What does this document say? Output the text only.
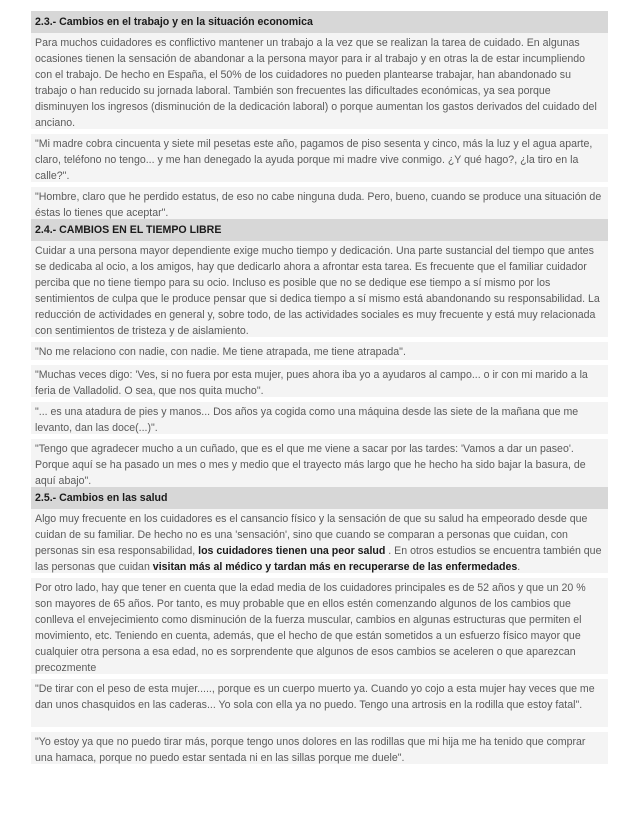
2.3.- Cambios en el trabajo y en la situación economica

Para muchos cuidadores es conflictivo mantener un trabajo a la vez que se realizan la tarea de cuidado. En algunas ocasiones tienen la sensación de abandonar a la persona mayor para ir al trabajo y en otras la de estar incumpliendo con el trabajo. De hecho en España, el 50% de los cuidadores no pueden plantearse trabajar, han abandonado su trabajo o han reducido su jornada laboral. También son frecuentes las dificultades económicas, ya sea porque disminuyen los ingresos (disminución de la dedicación laboral) o porque aumentan los gastos derivados del cuidado del anciano.

"Mi madre cobra cincuenta y siete mil pesetas este año, pagamos de piso sesenta y cinco, más la luz y el agua aparte, claro, teléfono no tengo... y me han denegado la ayuda porque mi madre vive conmigo. ¿Y qué hago?, ¿la tiro en la calle?".

"Hombre, claro que he perdido estatus, de eso no cabe ninguna duda. Pero, bueno, cuando se produce una situación de éstas lo tienes que aceptar".

2.4.- CAMBIOS EN EL TIEMPO LIBRE

Cuidar a una persona mayor dependiente exige mucho tiempo y dedicación. Una parte sustancial del tiempo que antes se dedicaba al ocio, a los amigos, hay que dedicarlo ahora a afrontar esta tarea. Es frecuente que el familiar cuidador perciba que no tiene tiempo para su ocio. Incluso es posible que no se dedique ese tiempo a sí mismo por los sentimientos de culpa que le produce pensar que si dedica tiempo a sí mismo está abandonando su responsabilidad. La reducción de actividades en general y, sobre todo, de las actividades sociales es muy frecuente y está muy relacionada con sentimientos de tristeza y de aislamiento.

"No me relaciono con nadie, con nadie. Me tiene atrapada, me tiene atrapada".

"Muchas veces digo: 'Ves, si no fuera por esta mujer, pues ahora iba yo a ayudaros al campo... o ir con mi marido a la feria de Valladolid. O sea, que nos quita mucho".

"... es una atadura de pies y manos... Dos años ya cogida como una máquina desde las siete de la mañana que me levanto, dan las doce(...)".

"Tengo que agradecer mucho a un cuñado, que es el que me viene a sacar por las tardes: 'Vamos a dar un paseo'. Porque aquí se ha pasado un mes o mes y medio que el trayecto más largo que he hecho ha sido bajar la basura, de aquí abajo".

2.5.- Cambios en las salud

Algo muy frecuente en los cuidadores es el cansancio físico y la sensación de que su salud ha empeorado desde que cuidan de su familiar. De hecho no es una 'sensación', sino que cuando se comparan a personas que cuidan, con personas sin esa responsabilidad, los cuidadores tienen una peor salud . En otros estudios se encuentra también que las personas que cuidan visitan más al médico y tardan más en recuperarse de las enfermedades.

Por otro lado, hay que tener en cuenta que la edad media de los cuidadores principales es de 52 años y que un 20 % son mayores de 65 años. Por tanto, es muy probable que en ellos estén comenzando algunos de los cambios que conlleva el envejecimiento como disminución de la fuerza muscular, cambios en algunas estructuras que permiten el movimiento, etc. Teniendo en cuenta, además, que el hecho de que están sometidos a un esfuerzo físico mayor que cualquier otra persona a esa edad, no es sorprendente que algunos de esos cambios se aceleren o que aparezcan precozmente

"De tirar con el peso de esta mujer....., porque es un cuerpo muerto ya. Cuando yo cojo a esta mujer hay veces que me dan unos chasquidos en las caderas... Yo sola con ella ya no puedo. Tengo una artrosis en la rodilla que estoy fatal".

"Yo estoy ya que no puedo tirar más, porque tengo unos dolores en las rodillas que mi hija me ha tenido que comprar una hamaca, porque no puedo estar sentada ni en las sillas porque me duele".
